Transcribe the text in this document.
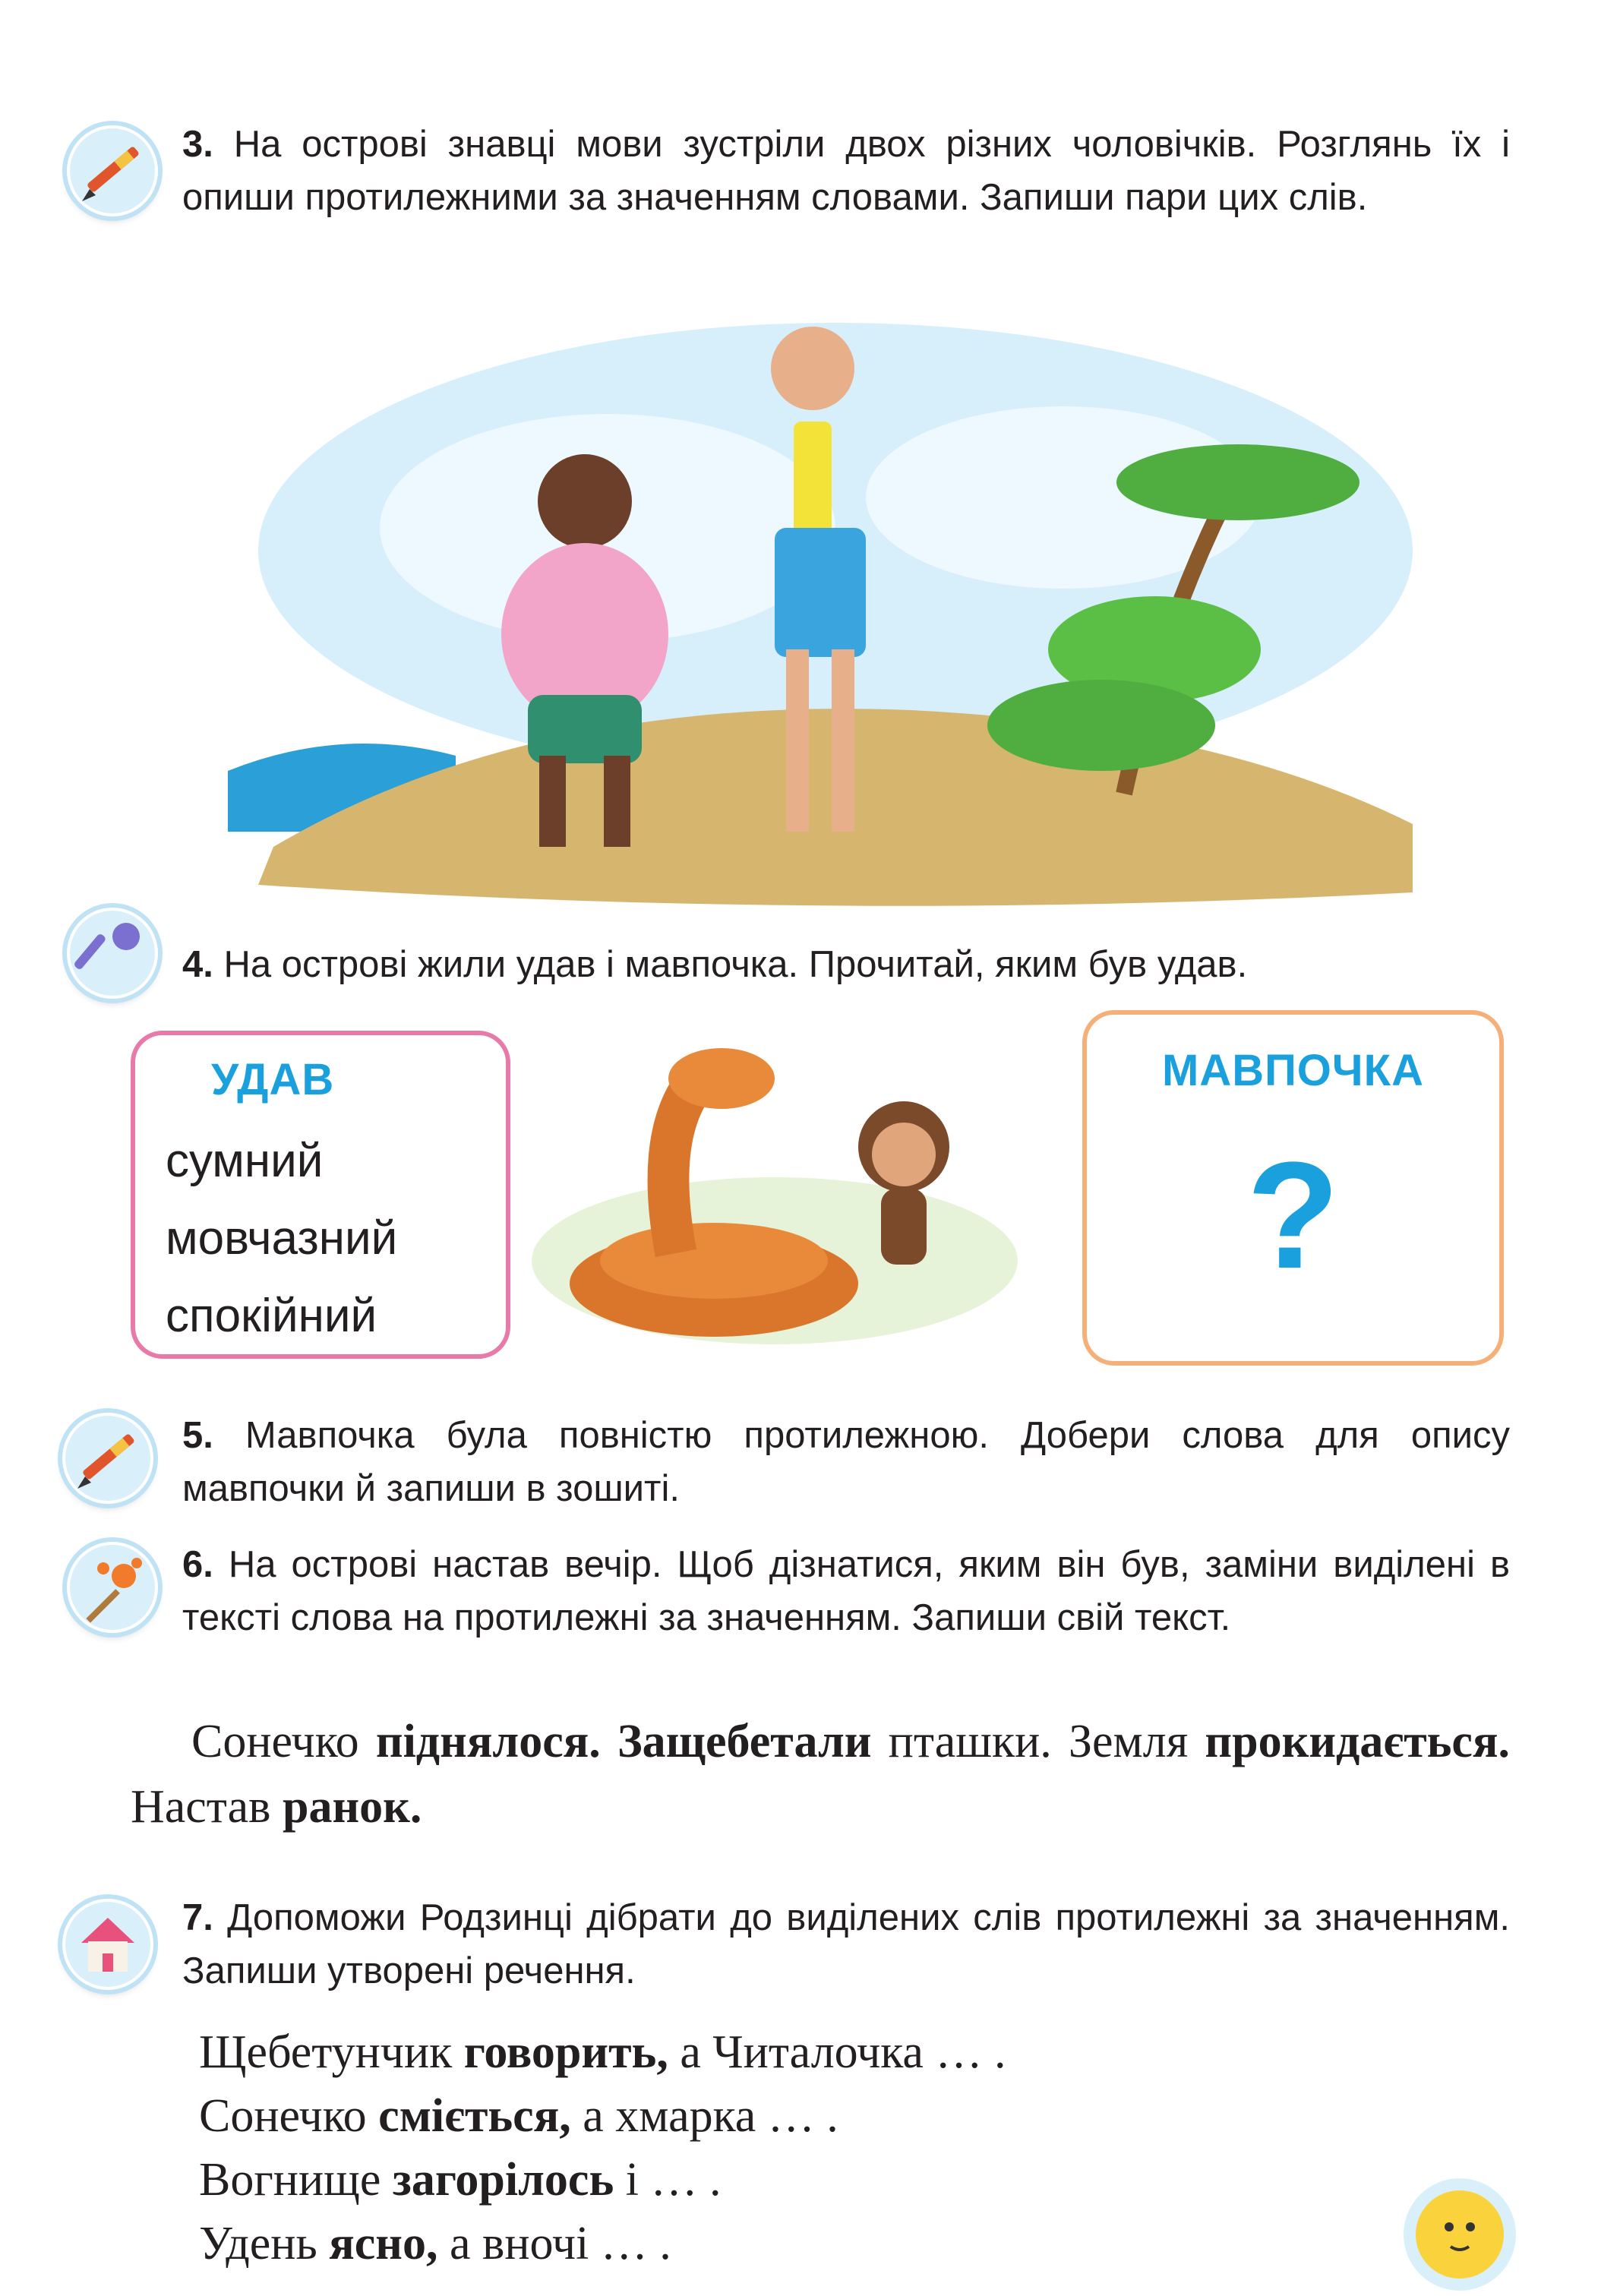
3. На острові знавці мови зустріли двох різних чоловічків. Розглянь їх і опиши протилежними за значенням словами. Запиши пари цих слів.
4. На острові жили удав і мавпочка. Прочитай, яким був удав.
УДАВ
сумний
мовчазний
спокійний
МАВПОЧКА
?
5. Мавпочка була повністю протилежною. Добери слова для опису мавпочки й запиши в зошиті.
6. На острові настав вечір. Щоб дізнатися, яким він був, заміни виділені в тексті слова на протилежні за значенням. Запиши свій текст.
Сонечко піднялося. Защебетали пташки. Земля прокидається. Настав ранок.
7. Допоможи Родзинці дібрати до виділених слів протилежні за значенням. Запиши утворені речення.
Щебетунчик говорить, а Читалочка … .
Сонечко сміється, а хмарка … .
Вогнище загорілось і … .
Удень ясно, а вночі … .
